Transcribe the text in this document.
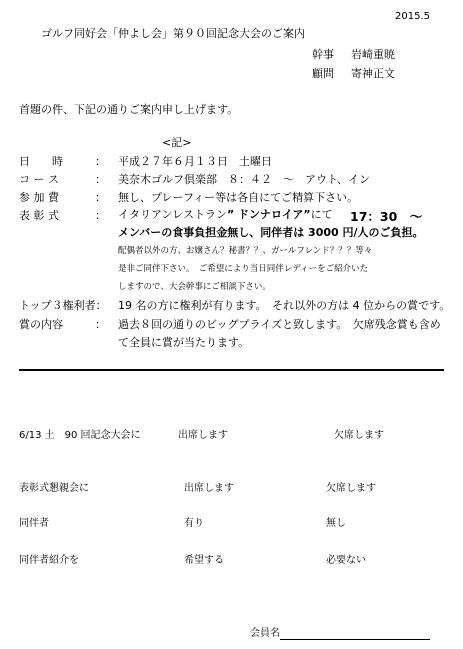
2015.5
ゴルフ同好会「仲よし会」第９０回記念大会のご案内
幹事 岩崎重暁
顧問 寄神正文
首題の件、下記の通りご案内申し上げます。
<記>
日　　時	： 平成２７年６月１３日　土曜日
コ ー ス	： 美奈木ゴルフ倶楽部　８：４２　～　アウト、イン
参 加 費	： 無し、プレーフィー等は各自にてご精算下さい。
表 彰 式	： イタリアンレストラン” ドンナロイア”にて 17：30　～
メンバーの食事負担金無し、同伴者は 3000 円/人のご負担。
配偶者以外の方、お嬢さん？秘書？？、ガールフレンド？？？等々
是非ご同伴下さい。　ご希望により当日同伴レディーをご紹介いた
しますので、大会幹事にご相談下さい。
トップ３権利者： 19 名の方に権利が有ります。　それ以外の方は 4 位からの賞です。
賞の内容	： 過去８回の通りのビッグプライズと致します。　欠席残念賞も含め
て全員に賞が当たります。
6/13 土　90 回記念大会に	出席します	欠席します
表彰式懇親会に	出席します	欠席します
同伴者	有り	無し
同伴者紹介を	希望する	必要ない
会員名
